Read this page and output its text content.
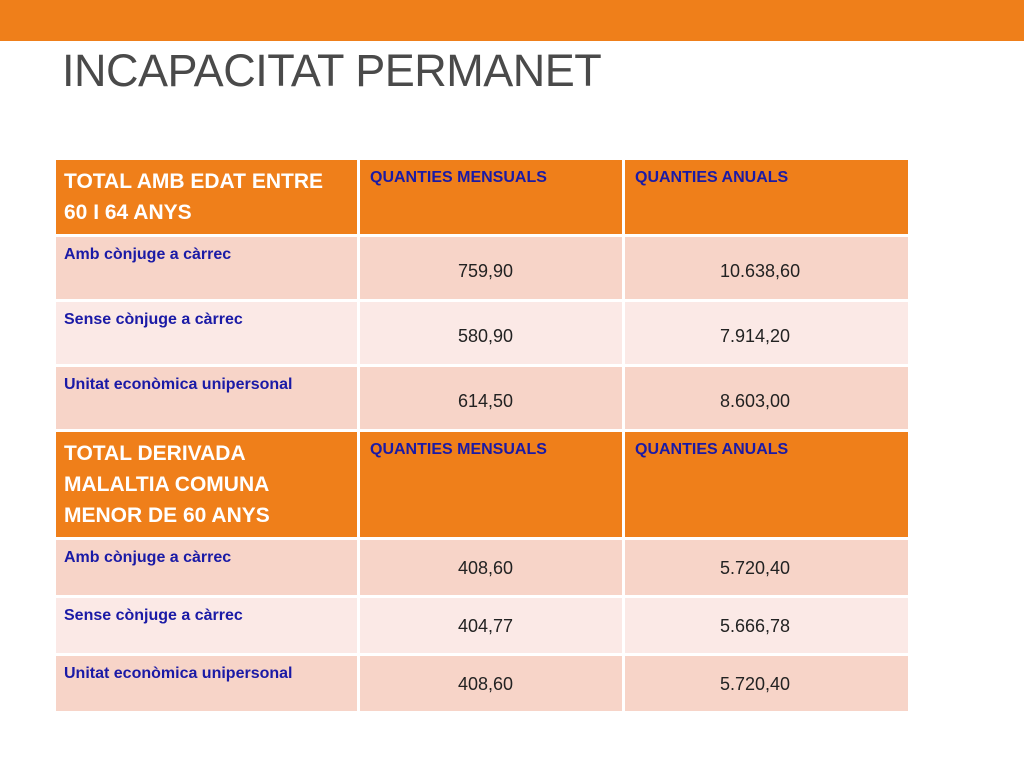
INCAPACITAT PERMANET
TOTAL AMB EDAT ENTRE 60 I 64 ANYS	QUANTIES MENSUALS	QUANTIES ANUALS
Amb cònjuge a càrrec	759,90	10.638,60
Sense cònjuge a càrrec	580,90	7.914,20
Unitat econòmica unipersonal	614,50	8.603,00
TOTAL DERIVADA MALALTIA COMUNA MENOR DE 60 ANYS	QUANTIES MENSUALS	QUANTIES ANUALS
Amb cònjuge a càrrec	408,60	5.720,40
Sense cònjuge a càrrec	404,77	5.666,78
Unitat econòmica unipersonal	408,60	5.720,40
